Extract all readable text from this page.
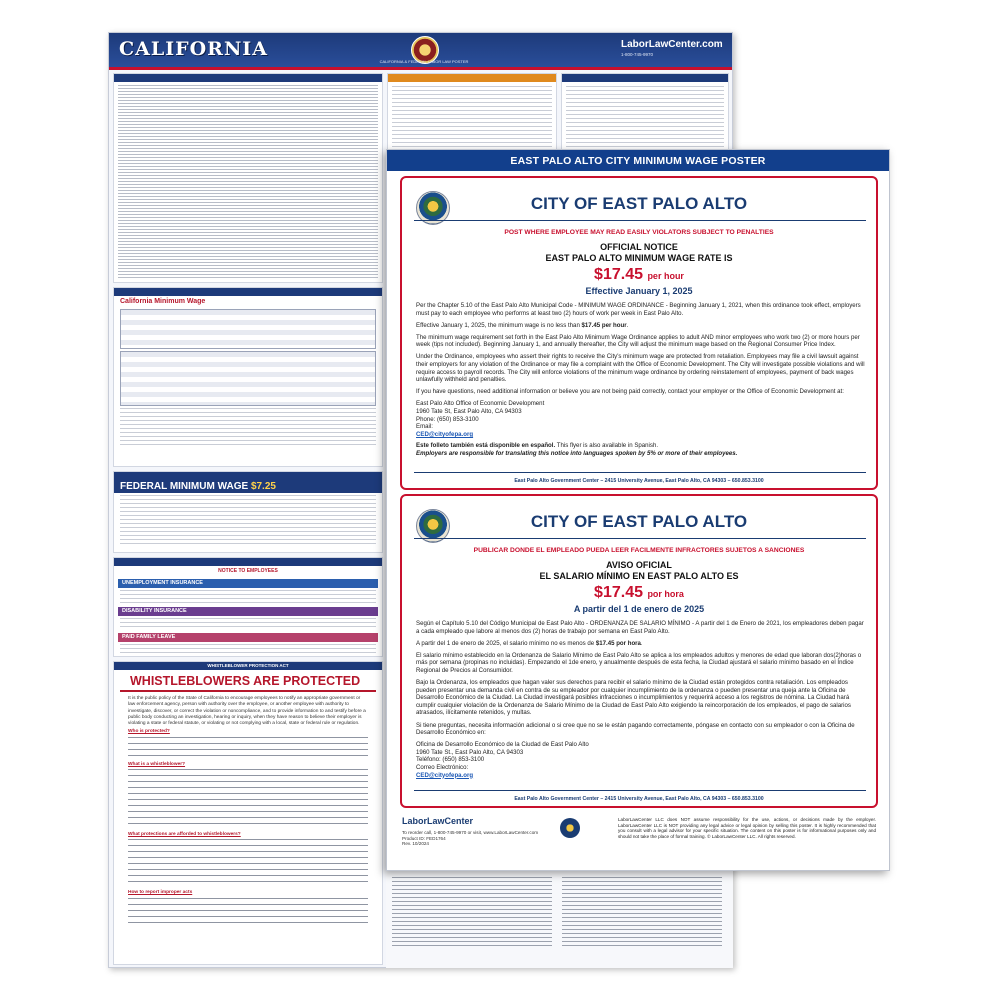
CALIFORNIA
CALIFORNIA & FEDERAL LABOR LAW POSTER
LaborLawCenter.com
1-800-745-9970
California Minimum Wage
FEDERAL MINIMUM WAGE $7.25
NOTICE TO EMPLOYEES
UNEMPLOYMENT INSURANCE
DISABILITY INSURANCE
PAID FAMILY LEAVE
WHISTLEBLOWER PROTECTION ACT
WHISTLEBLOWERS ARE PROTECTED
It is the public policy of the State of California to encourage employees to notify an appropriate government or law enforcement agency, person with authority over the employee, or another employee with authority to investigate, discover, or correct the violation or noncompliance, and to provide information to and testify before a public body conducting an investigation, hearing or inquiry, when they have reason to believe their employer is violating a state or federal statute, or violating or not complying with a local, state or federal rule or regulation.
Who is protected?
What is a whistleblower?
What protections are afforded to whistleblowers?
How to report improper acts
EAST PALO ALTO CITY MINIMUM WAGE POSTER
CITY OF EAST PALO ALTO
POST WHERE EMPLOYEE MAY READ EASILY VIOLATORS SUBJECT TO PENALTIES
OFFICIAL NOTICE
EAST PALO ALTO MINIMUM WAGE RATE IS
$17.45 per hour
Effective January 1, 2025

Per the Chapter 5.10 of the East Palo Alto Municipal Code - MINIMUM WAGE ORDINANCE - Beginning January 1, 2021, when this ordinance took effect, employers must pay to each employee who performs at least two (2) hours of work per week in East Palo Alto.

Effective January 1, 2025, the minimum wage is no less than $17.45 per hour.

The minimum wage requirement set forth in the East Palo Alto Minimum Wage Ordinance applies to adult AND minor employees who work two (2) or more hours per week (tips not included). Beginning January 1, and annually thereafter, the City will adjust the minimum wage based on the Regional Consumer Price Index.

Under the Ordinance, employees who assert their rights to receive the City's minimum wage are protected from retaliation. Employees may file a civil lawsuit against their employers for any violation of the Ordinance or may file a complaint with the Office of Economic Development. The City will investigate possible violations and will require access to payroll records. The City will enforce violations of the minimum wage ordinance by ordering reinstatement of employees, payment of back wages unlawfully withheld and penalties.

If you have questions, need additional information or believe you are not being paid correctly, contact your employer or the Office of Economic Development at:

East Palo Alto Office of Economic Development
1960 Tate St, East Palo Alto, CA 94303
Phone: (650) 853-3100
Email:
CED@cityofepa.org

Este folleto también está disponible en español. This flyer is also available in Spanish.
Employers are responsible for translating this notice into languages spoken by 5% or more of their employees.

East Palo Alto Government Center – 2415 University Avenue, East Palo Alto, CA 94303 – 650.853.3100
CITY OF EAST PALO ALTO
PUBLICAR DONDE EL EMPLEADO PUEDA LEER FACILMENTE INFRACTORES SUJETOS A SANCIONES
AVISO OFICIAL
EL SALARIO MÍNIMO EN EAST PALO ALTO ES
$17.45 por hora
A partir del 1 de enero de 2025

Según el Capítulo 5.10 del Código Municipal de East Palo Alto - ORDENANZA DE SALARIO MÍNIMO - A partir del 1 de Enero de 2021, los empleadores deben pagar a cada empleado que labore al menos dos (2) horas de trabajo por semana en East Palo Alto.

A partir del 1 de enero de 2025, el salario mínimo no es menos de $17.45 por hora.

El salario mínimo establecido en la Ordenanza de Salario Mínimo de East Palo Alto se aplica a los empleados adultos y menores de edad que laboran dos(2)horas o más por semana (propinas no incluidas). Empezando el 1de enero, y anualmente después de esta fecha, la Ciudad ajustará el salario mínimo basado en el Índice Regional de Precios al Consumidor.

Bajo la Ordenanza, los empleados que hagan valer sus derechos para recibir el salario mínimo de la Ciudad están protegidos contra retaliación. Los empleados pueden presentar una demanda civil en contra de su empleador por cualquier incumplimiento de la ordenanza o pueden presentar una queja ante la Oficina de Desarrollo Económico de la Ciudad. La Ciudad investigará posibles infracciones o incumplimientos y requerirá acceso a los registros de nómina. La Ciudad hará cumplir cualquier violación de la Ordenanza de Salario Mínimo de la Ciudad de East Palo Alto exigiendo la reincorporación de los empleados, el pago de salarios atrasados, ilícitamente retenidos, y multas.

Si tiene preguntas, necesita información adicional o si cree que no se le están pagando correctamente, póngase en contacto con su empleador o con la Oficina de Desarrollo Económico en:

Oficina de Desarrollo Económico de la Ciudad de East Palo Alto
1960 Tate St., East Palo Alto, CA 94303
Teléfono: (650) 853-3100
Correo Electrónico:
CED@cityofepa.org
East Palo Alto Government Center – 2415 University Avenue, East Palo Alto, CA 94303 – 650.853.3100
LaborLawCenter
To reorder call, 1-800-745-9970 or visit, www.LaborLawCenter.com
Product ID: FED1764
Rev. 10/2024
LaborLawCenter LLC does NOT assume responsibility for the use, actions, or decisions made by the employer. LaborLawCenter LLC is NOT providing any legal advice or legal opinion by selling this poster. It is highly recommended that you consult with a legal advisor for your specific situation. The content on this poster is for informational purposes only and should not take the place of formal training. © LaborLawCenter LLC. All rights reserved.
